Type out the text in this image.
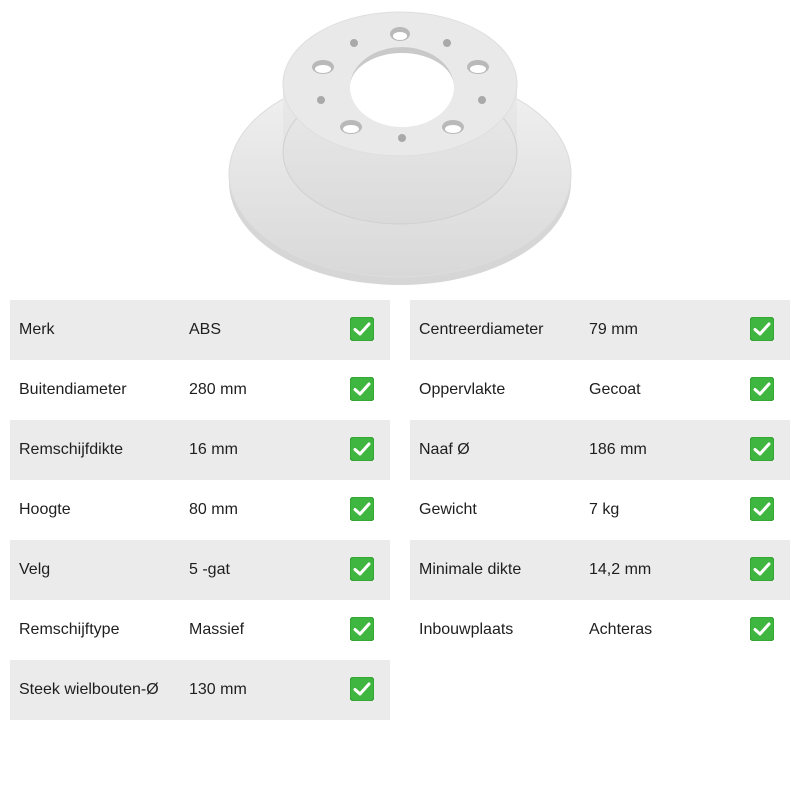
Merk	ABS
Buitendiameter	280 mm
Remschijfdikte	16 mm
Hoogte	80 mm
Velg	5 -gat
Remschijftype	Massief
Steek wielbouten-Ø 130 mm
Centreerdiameter	79 mm
Oppervlakte	Gecoat
Naaf Ø	186 mm
Gewicht	7 kg
Minimale dikte	14,2 mm
Inbouwplaats	Achteras
